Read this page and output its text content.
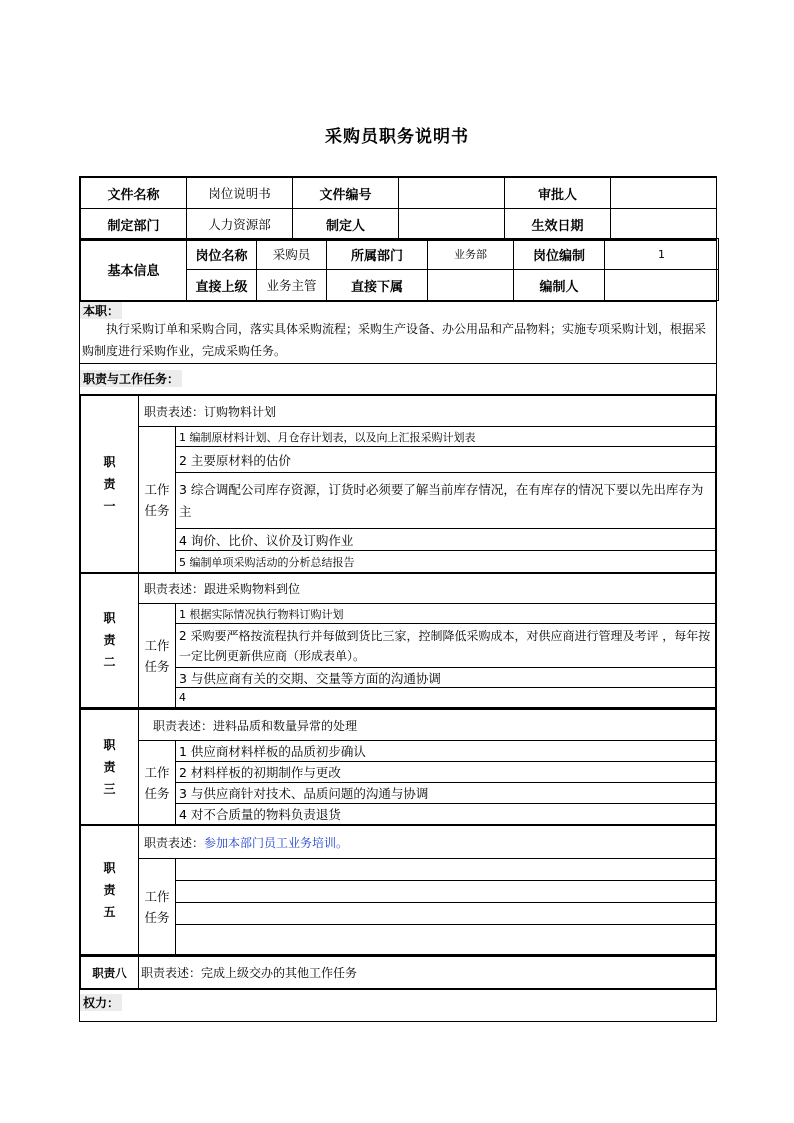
采购员职务说明书
文件名称	岗位说明书	文件编号		审批人	
制定部门	人力资源部	制定人		生效日期	
基本信息	岗位名称	采购员	所属部门	业务部	岗位编制	1
	直接上级	业务主管	直接下属		编制人	
本职：
执行采购订单和采购合同，落实具体采购流程；采购生产设备、办公用品和产品物料；实施专项采购计划，根据采购制度进行采购作业，完成采购任务。
职责与工作任务：
职责一	职责表述：订购物料计划	

	工作任务	1 编制原材料计划、月仓存计划表，以及向上汇报采购计划表
		2 主要原材料的估价
		3 综合调配公司库存资源，订货时必须要了解当前库存情况，在有库存的情况下要以先出库存为主
		4 询价、比价、议价及订购作业
		5 编制单项采购活动的分析总结报告
职责二	职责表述：跟进采购物料到位	

	工作任务	1 根据实际情况执行物料订购计划
		2 采购要严格按流程执行并每做到货比三家，控制降低采购成本，对供应商进行管理及考评 ，每年按一定比例更新供应商（形成表单）。
		3 与供应商有关的交期、交量等方面的沟通协调
		4
职责三	职责表述：进料品质和数量异常的处理	

	工作任务	1 供应商材料样板的品质初步确认
		2 材料样板的初期制作与更改
		3 与供应商针对技术、品质问题的沟通与协调
		4 对不合质量的物料负责退货
职责五	职责表述：参加本部门员工业务培训。	

	工作任务	

职责八	职责表述：完成上级交办的其他工作任务
权力：
